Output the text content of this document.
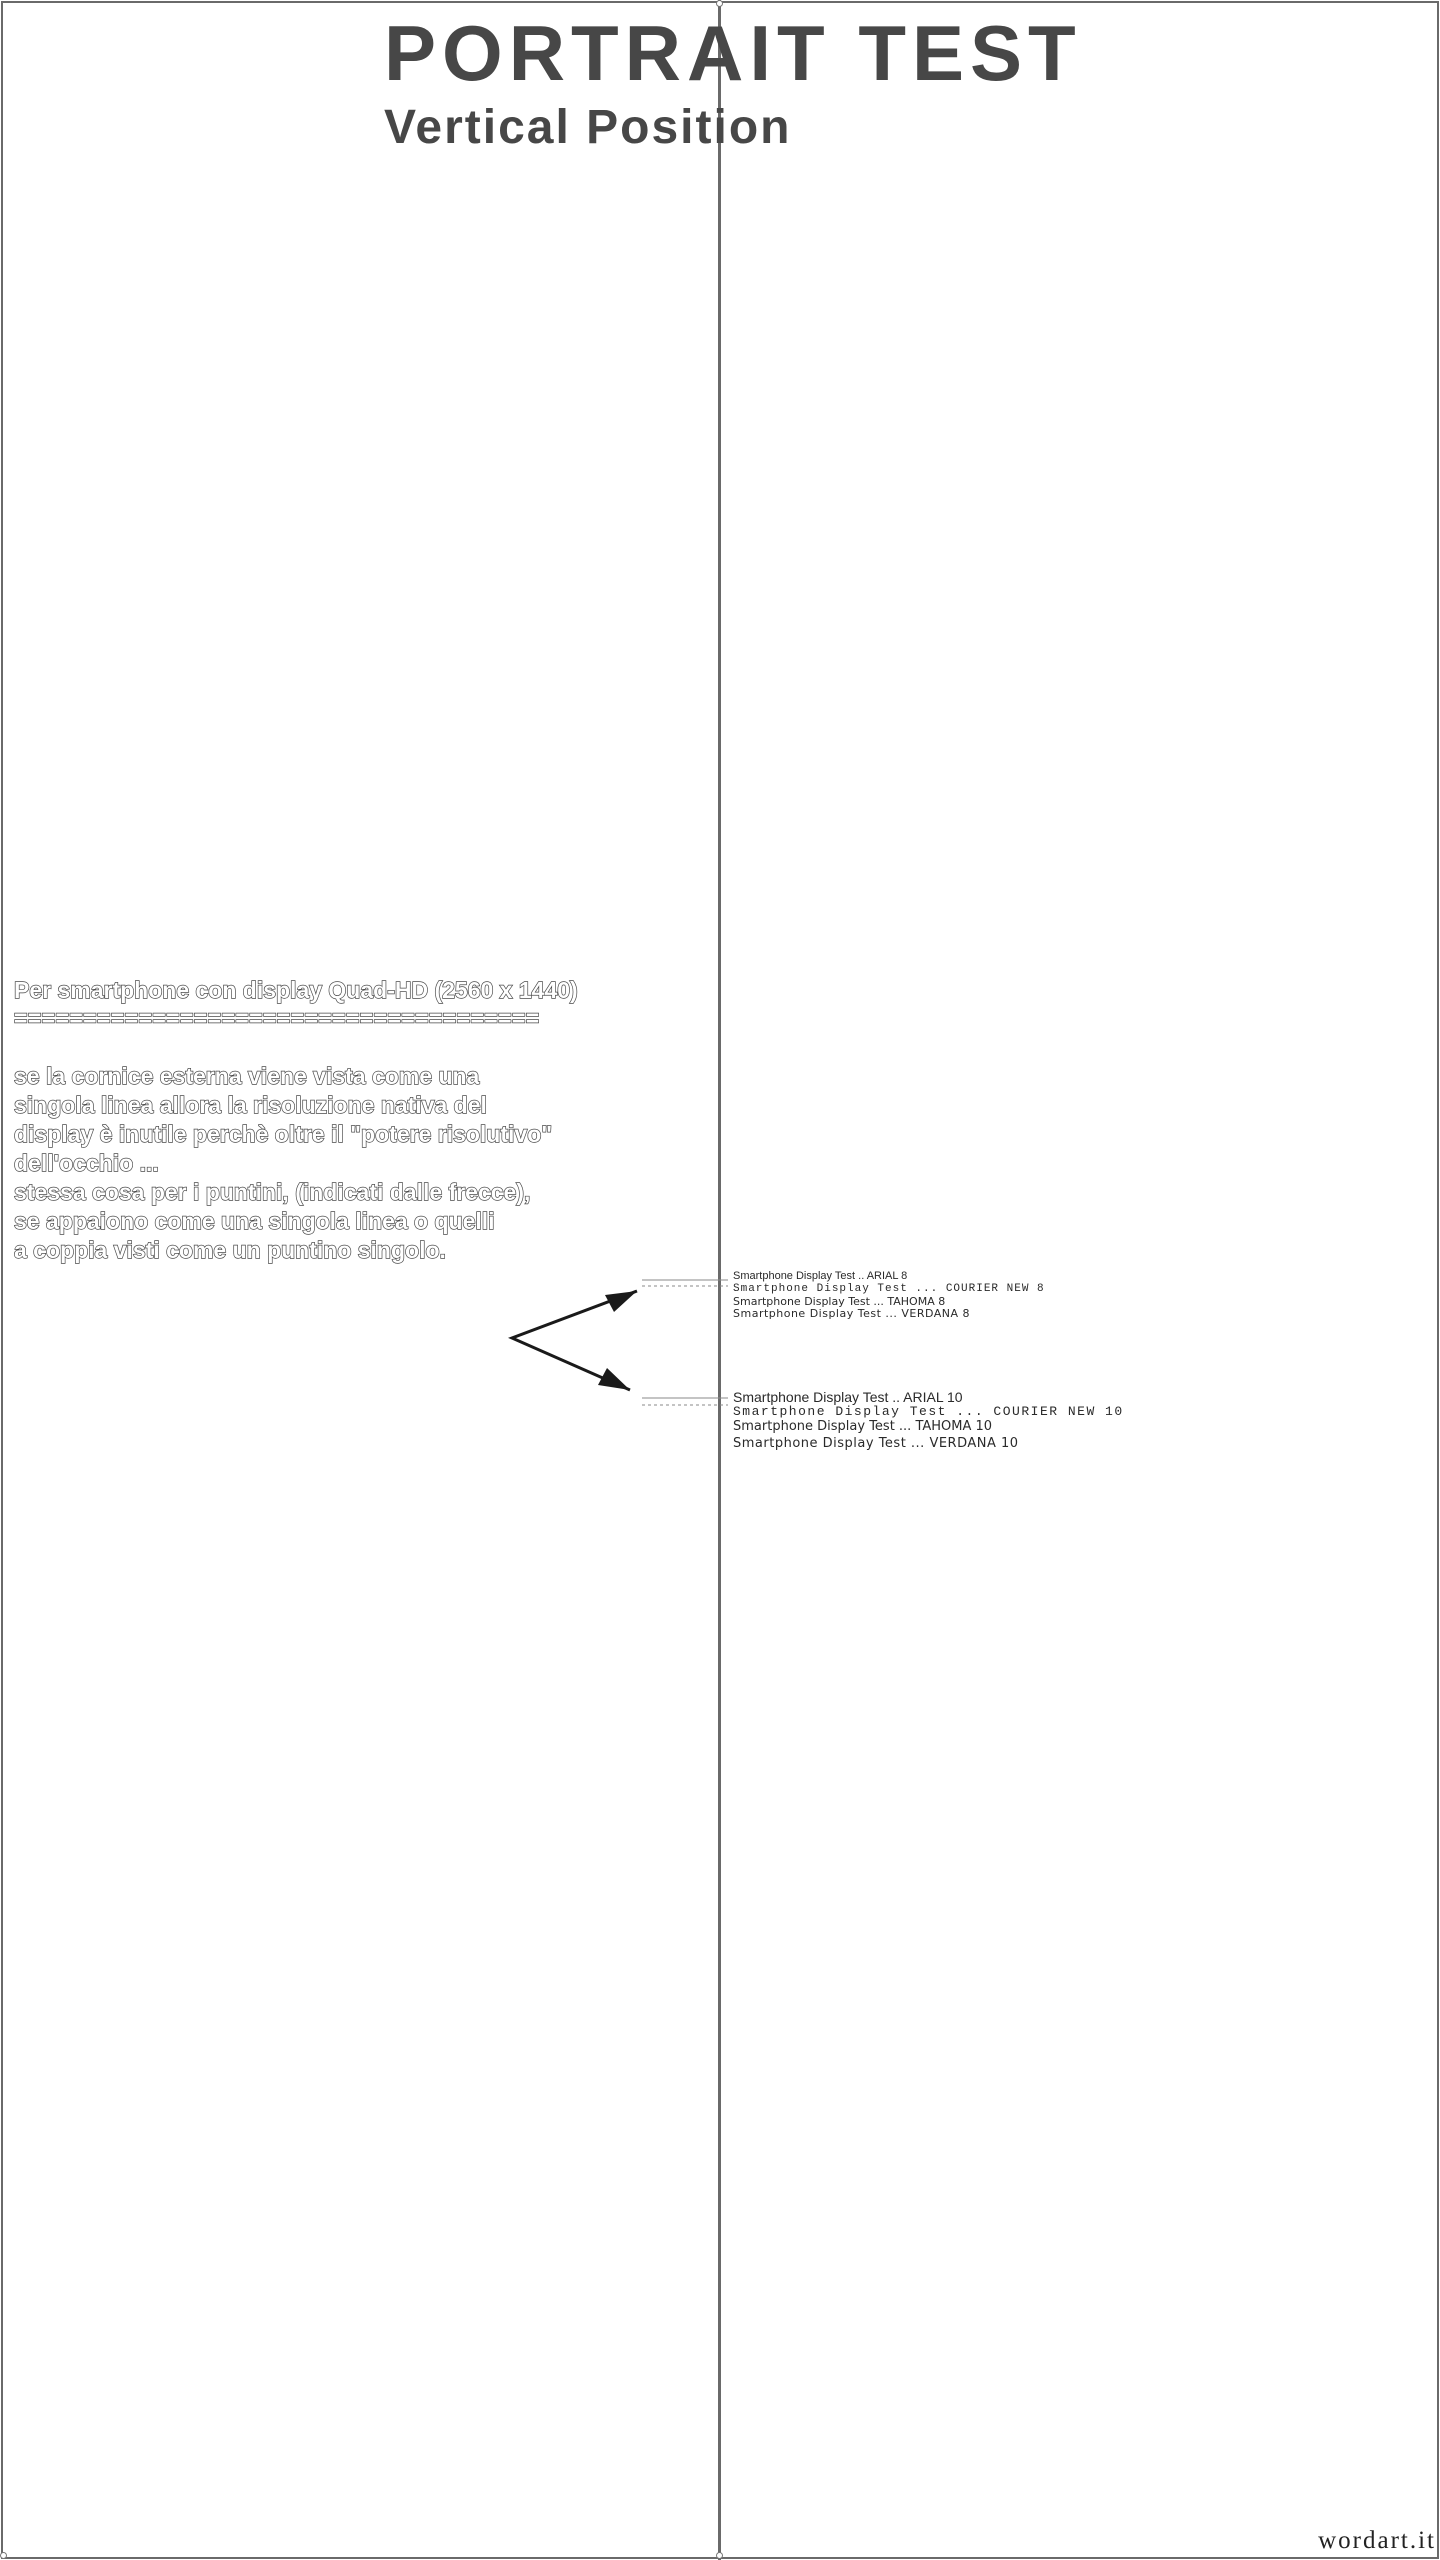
PORTRAIT TEST
Vertical Position
Per smartphone con display Quad-HD (2560 x 1440)
======================================
se la cornice esterna viene vista come una
singola linea allora la risoluzione nativa del
display è inutile perchè oltre il "potere risolutivo"
dell'occhio ...
stessa cosa per i puntini, (indicati dalle frecce),
se appaiono come una singola linea o quelli
a coppia visti come un puntino singolo.
Smartphone Display Test .. ARIAL 8
Smartphone Display Test ... COURIER NEW 8
Smartphone Display Test ... TAHOMA 8
Smartphone Display Test ... VERDANA 8
Smartphone Display Test .. ARIAL 10
Smartphone Display Test ... COURIER NEW 10
Smartphone Display Test ... TAHOMA 10
Smartphone Display Test ... VERDANA 10
wordart.it
